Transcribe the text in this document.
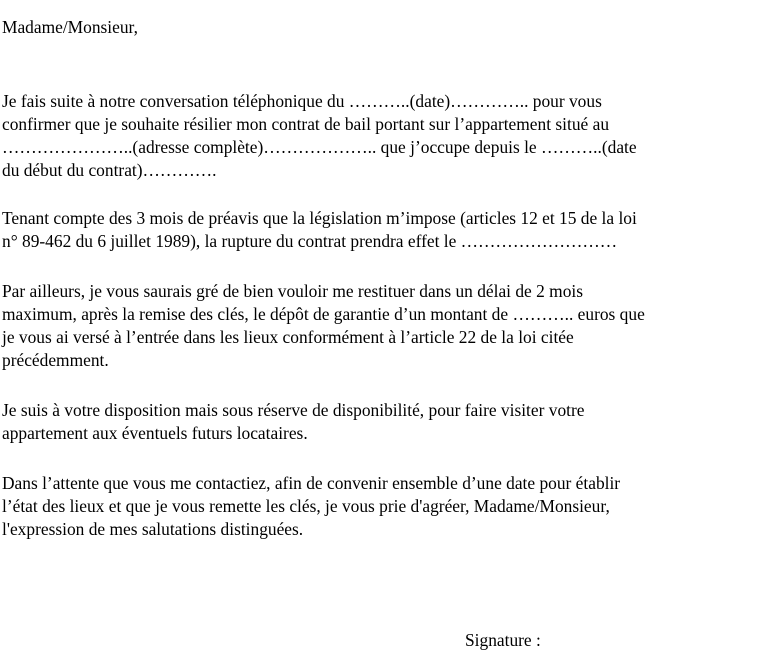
Madame/Monsieur,

Je fais suite à notre conversation téléphonique du ………..(date)………….. pour vous

confirmer que je souhaite résilier mon contrat de bail portant sur l’appartement situé au

…………………..(adresse complète)……………….. que j’occupe depuis le ………..(date

du début du contrat)………….

Tenant compte des 3 mois de préavis que la législation m’impose (articles 12 et 15 de la loi

n° 89-462 du 6 juillet 1989), la rupture du contrat prendra effet le ………………………

Par ailleurs, je vous saurais gré de bien vouloir me restituer dans un délai de 2 mois

maximum, après la remise des clés, le dépôt de garantie d’un montant de ……….. euros que

je vous ai versé à l’entrée dans les lieux conformément à l’article 22 de la loi citée

précédemment.

Je suis à votre disposition mais sous réserve de disponibilité, pour faire visiter votre

appartement aux éventuels futurs locataires.

Dans l’attente que vous me contactiez, afin de convenir ensemble d’une date pour établir

l’état des lieux et que je vous remette les clés, je vous prie d'agréer, Madame/Monsieur,

l'expression de mes salutations distinguées.

Signature :
